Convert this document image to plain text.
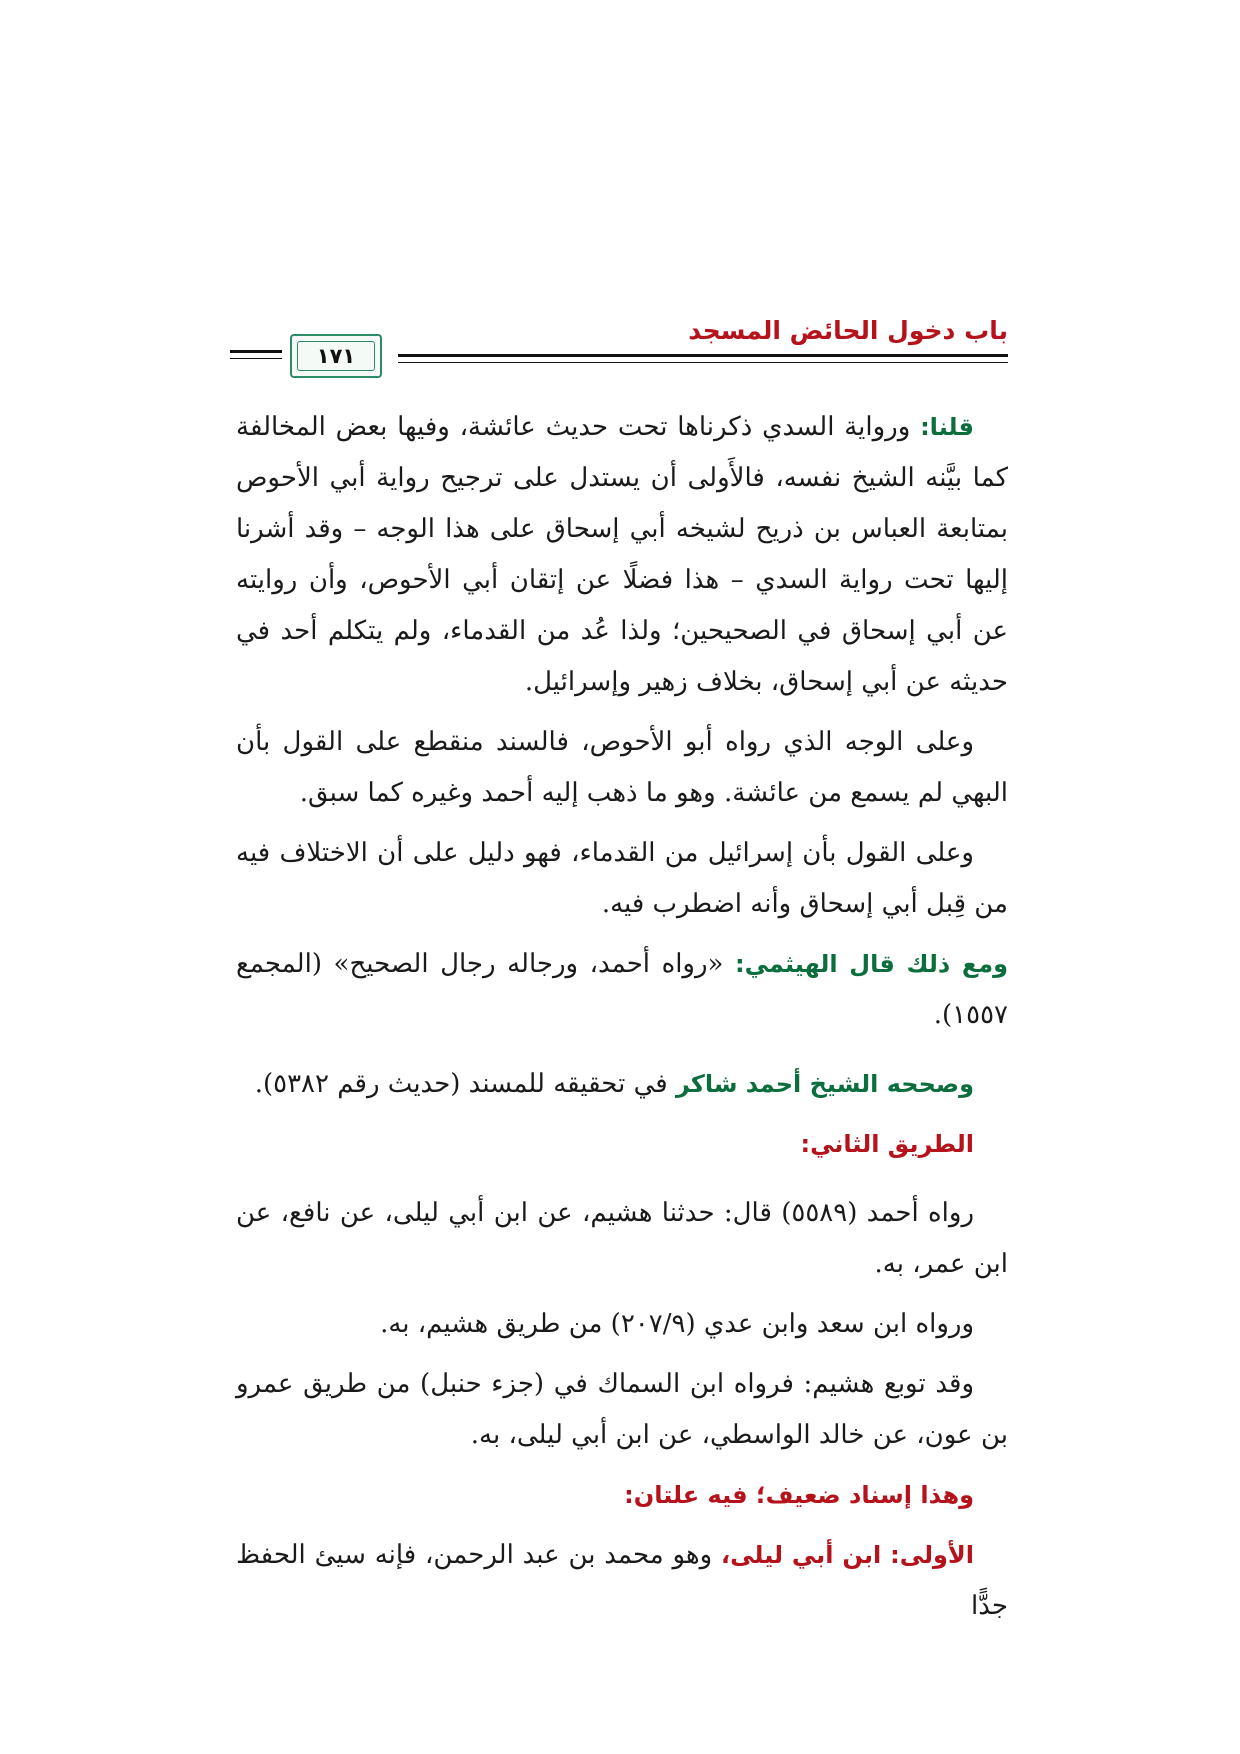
باب دخول الحائض المسجد
١٧١

قلنا: ورواية السدي ذكرناها تحت حديث عائشة، وفيها بعض المخالفة كما بيَّنه الشيخ نفسه، فالأَولى أن يستدل على ترجيح رواية أبي الأحوص بمتابعة العباس بن ذريح لشيخه أبي إسحاق على هذا الوجه – وقد أشرنا إليها تحت رواية السدي – هذا فضلًا عن إتقان أبي الأحوص، وأن روايته عن أبي إسحاق في الصحيحين؛ ولذا عُد من القدماء، ولم يتكلم أحد في حديثه عن أبي إسحاق، بخلاف زهير وإسرائيل.

وعلى الوجه الذي رواه أبو الأحوص، فالسند منقطع على القول بأن البهي لم يسمع من عائشة. وهو ما ذهب إليه أحمد وغيره كما سبق.

وعلى القول بأن إسرائيل من القدماء، فهو دليل على أن الاختلاف فيه من قِبل أبي إسحاق وأنه اضطرب فيه.

ومع ذلك قال الهيثمي: «رواه أحمد، ورجاله رجال الصحيح» (المجمع ١٥٥٧).

وصححه الشيخ أحمد شاكر في تحقيقه للمسند (حديث رقم ٥٣٨٢).

الطريق الثاني:

رواه أحمد (٥٥٨٩) قال: حدثنا هشيم، عن ابن أبي ليلى، عن نافع، عن ابن عمر، به.

ورواه ابن سعد وابن عدي (٢٠٧/٩) من طريق هشيم، به.

وقد توبع هشيم: فرواه ابن السماك في (جزء حنبل) من طريق عمرو بن عون، عن خالد الواسطي، عن ابن أبي ليلى، به.

وهذا إسناد ضعيف؛ فيه علتان:

الأولى: ابن أبي ليلى، وهو محمد بن عبد الرحمن، فإنه سيئ الحفظ جدًّا
